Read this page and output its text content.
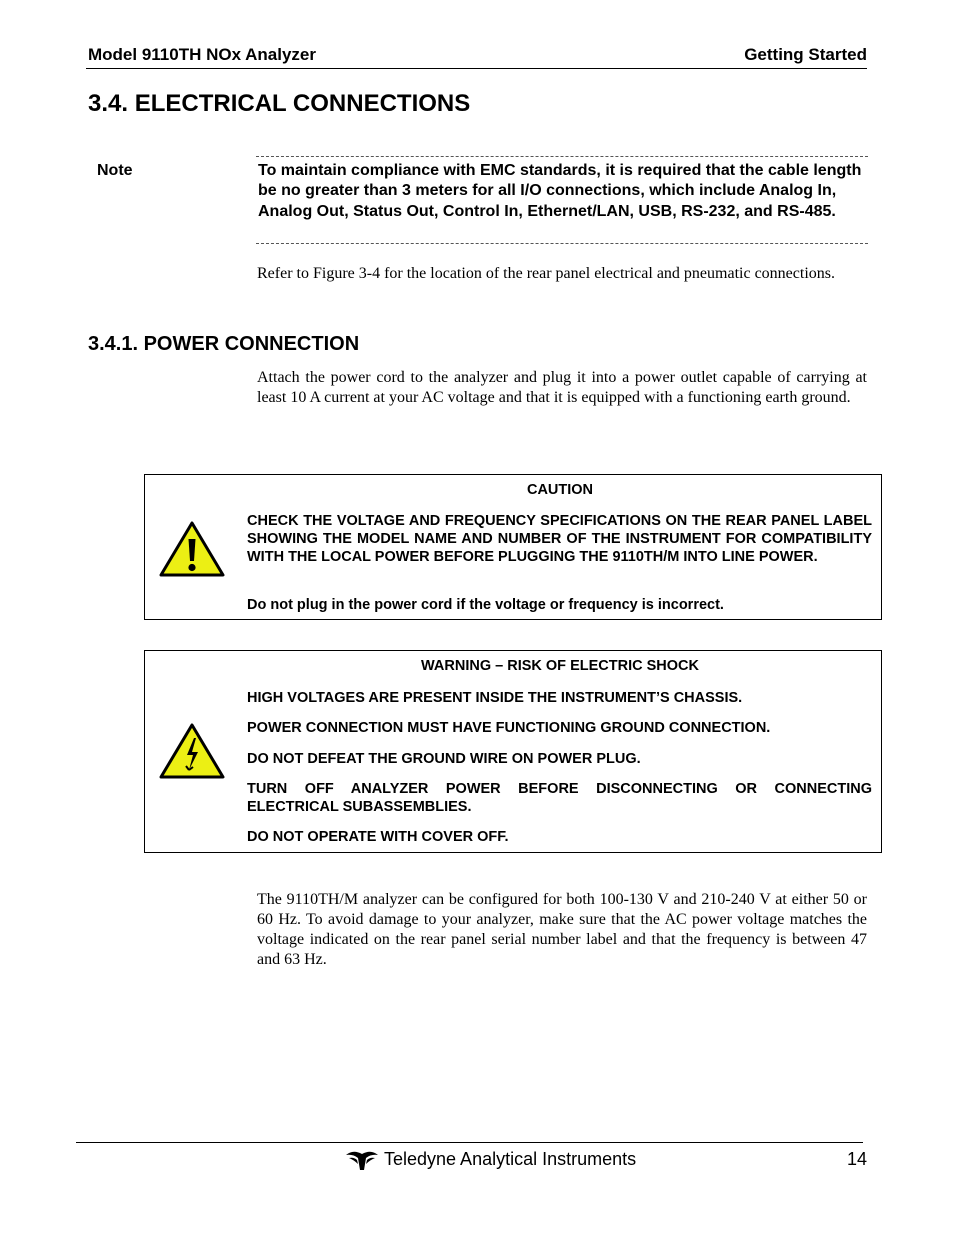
Model 9110TH NOx Analyzer	Getting Started
3.4. ELECTRICAL CONNECTIONS
Note	To maintain compliance with EMC standards, it is required that the cable length be no greater than 3 meters for all I/O connections, which include Analog In, Analog Out, Status Out, Control In, Ethernet/LAN, USB, RS-232, and RS-485.
Refer to Figure 3-4 for the location of the rear panel electrical and pneumatic connections.
3.4.1. POWER CONNECTION
Attach the power cord to the analyzer and plug it into a power outlet capable of carrying at least 10 A current at your AC voltage and that it is equipped with a functioning earth ground.
CAUTION
CHECK THE VOLTAGE AND FREQUENCY SPECIFICATIONS ON THE REAR PANEL LABEL SHOWING THE MODEL NAME AND NUMBER OF THE INSTRUMENT FOR COMPATIBILITY WITH THE LOCAL POWER BEFORE PLUGGING THE 9110TH/M INTO LINE POWER.
Do not plug in the power cord if the voltage or frequency is incorrect.
WARNING – RISK OF ELECTRIC SHOCK
HIGH VOLTAGES ARE PRESENT INSIDE THE INSTRUMENT’S CHASSIS.
POWER CONNECTION MUST HAVE FUNCTIONING GROUND CONNECTION.
DO NOT DEFEAT THE GROUND WIRE ON POWER PLUG.
TURN OFF ANALYZER POWER BEFORE DISCONNECTING OR CONNECTING ELECTRICAL SUBASSEMBLIES.
DO NOT OPERATE WITH COVER OFF.
The 9110TH/M analyzer can be configured for both 100-130 V and 210-240 V at either 50 or 60 Hz. To avoid damage to your analyzer, make sure that the AC power voltage matches the voltage indicated on the rear panel serial number label and that the frequency is between 47 and 63 Hz.
Teledyne Analytical Instruments	14
